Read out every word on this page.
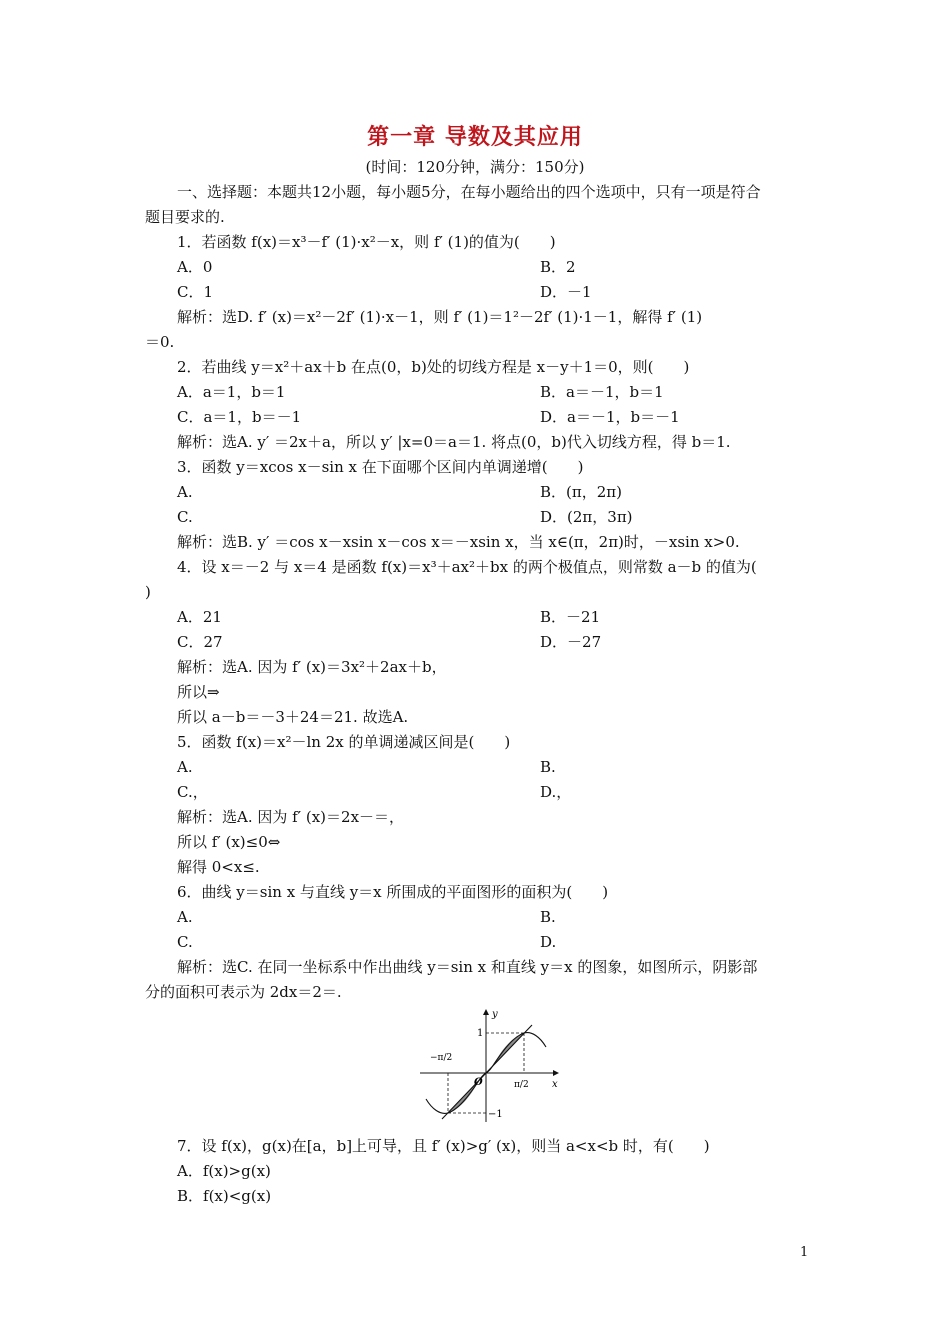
第一章 导数及其应用
(时间：120分钟，满分：150分)
一、选择题：本题共12小题，每小题5分，在每小题给出的四个选项中，只有一项是符合
题目要求的.
1．若函数 f(x)＝x³－f′ (1)·x²－x，则 f′ (1)的值为(　　)
A．0	B．2
C．1	D．－1
解析：选D. f′ (x)＝x²－2f′ (1)·x－1，则 f′ (1)＝1²－2f′ (1)·1－1，解得 f′ (1)
＝0.
2．若曲线 y＝x²＋ax＋b 在点(0，b)处的切线方程是 x－y＋1＝0，则(　　)
A．a＝1，b＝1	B．a＝－1，b＝1
C．a＝1，b＝－1	D．a＝－1，b＝－1
解析：选A. y′ ＝2x＋a，所以 y′ |x=0＝a＝1. 将点(0，b)代入切线方程，得 b＝1.
3．函数 y＝xcos x－sin x 在下面哪个区间内单调递增(　　)
A.	B．(π，2π)
C.	D．(2π，3π)
解析：选B. y′ ＝cos x－xsin x－cos x＝－xsin x，当 x∈(π，2π)时，－xsin x>0.
4．设 x＝－2 与 x＝4 是函数 f(x)＝x³＋ax²＋bx 的两个极值点，则常数 a－b 的值为(
)
A．21	B．－21
C．27	D．－27
解析：选A. 因为 f′ (x)＝3x²＋2ax＋b，
所以⇒
所以 a－b＝－3＋24＝21. 故选A.
5．函数 f(x)＝x²－ln 2x 的单调递减区间是(　　)
A.	B.
C.，	D.，
解析：选A. 因为 f′ (x)＝2x－＝，
所以 f′ (x)≤0⇔
解得 0<x≤.
6．曲线 y＝sin x 与直线 y＝x 所围成的平面图形的面积为(　　)
A.	B.
C.	D.
解析：选C. 在同一坐标系中作出曲线 y＝sin x 和直线 y＝x 的图象，如图所示，阴影部
分的面积可表示为 2dx＝2＝.
y
x
O
1
−1
−π/2
π/2
7．设 f(x)，g(x)在[a，b]上可导，且 f′ (x)>g′ (x)，则当 a<x<b 时，有(　　)
A．f(x)>g(x)
B．f(x)<g(x)
1
